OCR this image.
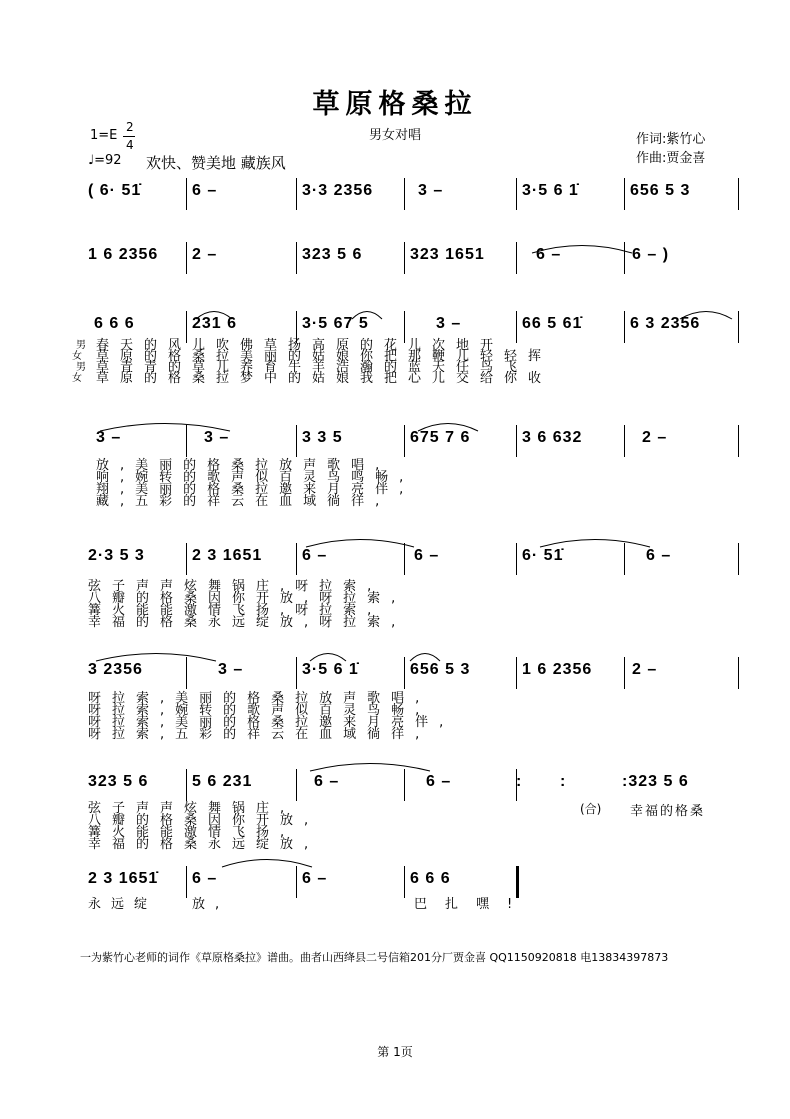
草原格桑拉
男女对唱
1=E
2
4
♩=92 欢快、赞美地 藏族风
作词:紫竹心
作曲:贾金喜
( 6· 51̇	6 –	3·3 2356	3 –	3·5 6 1̇	656 5 3
1 6 2356 2 –	323 5 6	323 1651	6 –	6 – )
6 6 6	231 6	3·5 67 5	3 –	66 5 61̇	6 3 2356
3 –	3 –	3 3 5	675 7 6	3 6 632	2 –
2·3 5 3	2 3 1651 6 –	6 –	6· 51̇	6 –
3 2356	3 –	3·5 6 1̇	656 5 3	1 6 2356 2 –
323 5 6	5 6 231	6 –	6 –	: :	:323 5 6
2 3 1651̇ 6 –	6 –	6 6 6
春天的风儿吹佛草扬高原的花儿次地开
草原的格桑拉美丽的姑娘你把那鞭儿轻轻挥
草青青的草儿养育牛羊浩瀚的蓝天任鸟飞
草原的格桑拉梦中的姑娘我把心儿交给你收
放,美丽的格桑拉放声歌唱,
响,婉转的歌声似百灵鸟鸣畅,
翔,美丽的格桑拉邀来月亮伴,
藏,五彩的祥云在血域徜徉,
弦子声声炫舞锅庄,呀拉索,
八瓣的格桑因你开放,呀拉索,
篝火能能激情飞扬,呀拉索,
幸福的格桑永远绽放,呀拉索,
呀拉索,美丽的格桑拉放声歌唱,
呀拉索,婉转的歌声似百灵鸟畅,
呀拉索,美丽的格桑拉邀来月亮伴,
呀拉索,五彩的祥云在血域徜徉,
弦子声声炫舞锅庄,
八瓣的格桑因你开放,
篝火能能激情飞扬,
幸福的格桑永远绽放,
男
女
男
女
(合) 幸福的格桑
永远绽	放,	巴扎嘿!
一为紫竹心老师的词作《草原格桑拉》谱曲。曲者山西绛县二号信箱201分厂贾金喜 QQ1150920818 电13834397873
第 1页
